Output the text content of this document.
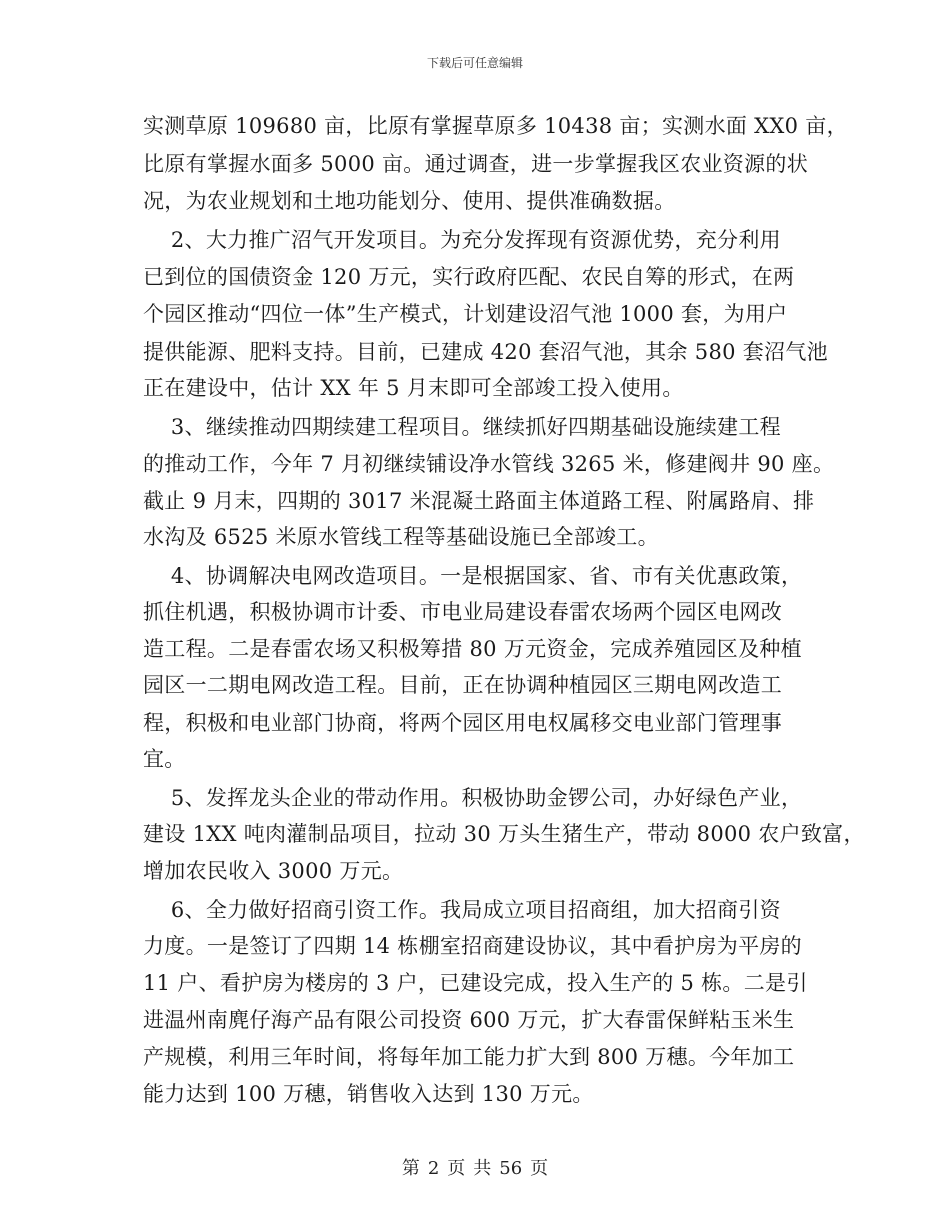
下载后可任意编辑
实测草原 109680 亩，比原有掌握草原多 10438 亩；实测水面 XX0 亩，
比原有掌握水面多 5000 亩。通过调查，进一步掌握我区农业资源的状
况，为农业规划和土地功能划分、使用、提供准确数据。
2、大力推广沼气开发项目。为充分发挥现有资源优势，充分利用
已到位的国债资金 120 万元，实行政府匹配、农民自筹的形式，在两
个园区推动“四位一体”生产模式，计划建设沼气池 1000 套，为用户
提供能源、肥料支持。目前，已建成 420 套沼气池，其余 580 套沼气池
正在建设中，估计 XX 年 5 月末即可全部竣工投入使用。
3、继续推动四期续建工程项目。继续抓好四期基础设施续建工程
的推动工作，今年 7 月初继续铺设净水管线 3265 米，修建阀井 90 座。
截止 9 月末，四期的 3017 米混凝土路面主体道路工程、附属路肩、排
水沟及 6525 米原水管线工程等基础设施已全部竣工。
4、协调解决电网改造项目。一是根据国家、省、市有关优惠政策，
抓住机遇，积极协调市计委、市电业局建设春雷农场两个园区电网改
造工程。二是春雷农场又积极筹措 80 万元资金，完成养殖园区及种植
园区一二期电网改造工程。目前，正在协调种植园区三期电网改造工
程，积极和电业部门协商，将两个园区用电权属移交电业部门管理事
宜。
5、发挥龙头企业的带动作用。积极协助金锣公司，办好绿色产业，
建设 1XX 吨肉灌制品项目，拉动 30 万头生猪生产，带动 8000 农户致富，
增加农民收入 3000 万元。
6、全力做好招商引资工作。我局成立项目招商组，加大招商引资
力度。一是签订了四期 14 栋棚室招商建设协议，其中看护房为平房的
11 户、看护房为楼房的 3 户，已建设完成，投入生产的 5 栋。二是引
进温州南麂仔海产品有限公司投资 600 万元，扩大春雷保鲜粘玉米生
产规模，利用三年时间，将每年加工能力扩大到 800 万穗。今年加工
能力达到 100 万穗，销售收入达到 130 万元。
第 2 页 共 56 页
